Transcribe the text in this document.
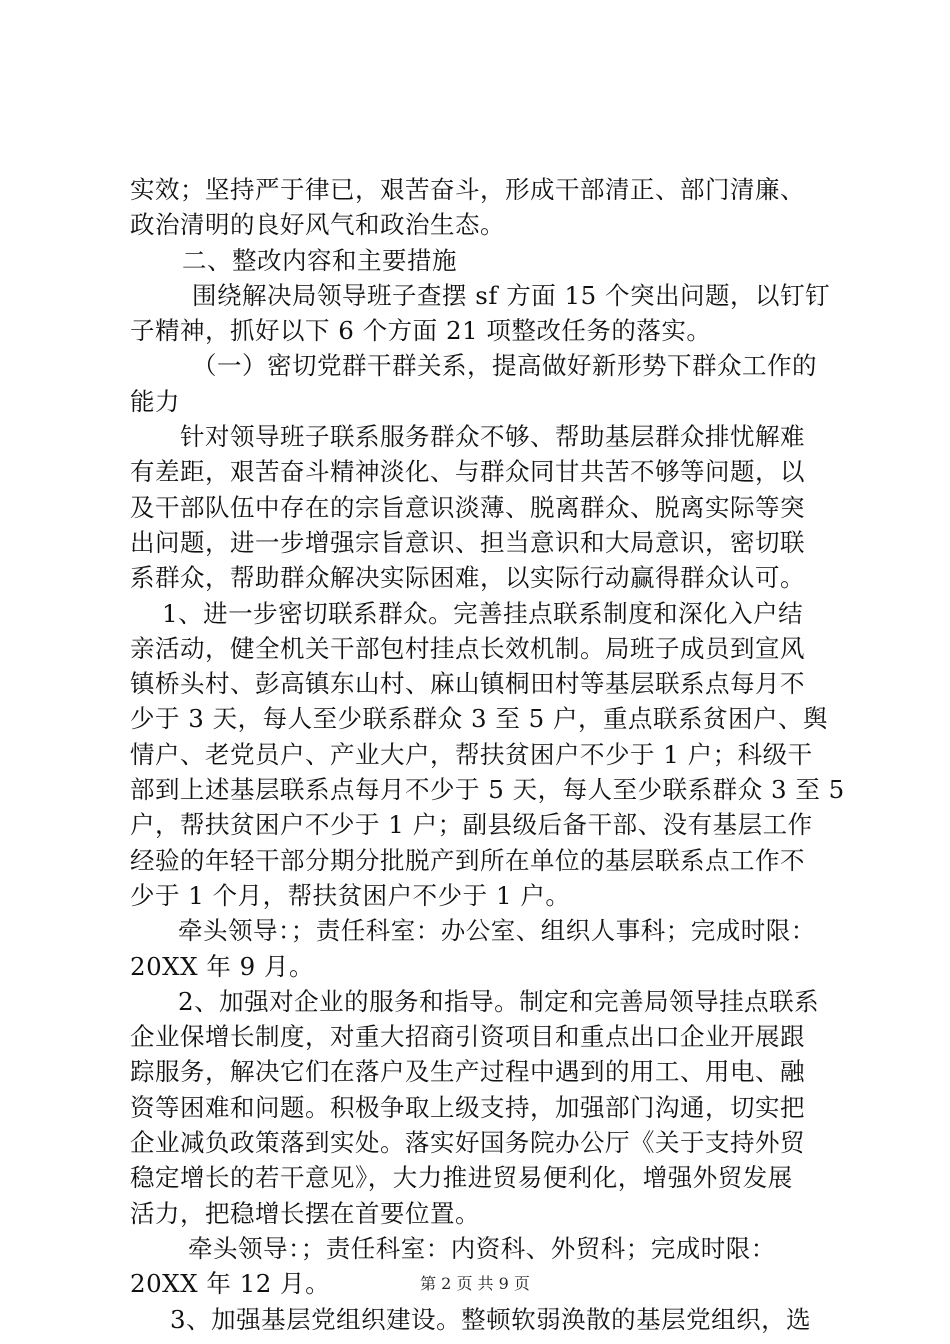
实效；坚持严于律已，艰苦奋斗，形成干部清正、部门清廉、
政治清明的良好风气和政治生态。
二、整改内容和主要措施
围绕解决局领导班子查摆 sf 方面 15 个突出问题，以钉钉
子精神，抓好以下 6 个方面 21 项整改任务的落实。
（一）密切党群干群关系，提高做好新形势下群众工作的
能力
针对领导班子联系服务群众不够、帮助基层群众排忧解难
有差距，艰苦奋斗精神淡化、与群众同甘共苦不够等问题，以
及干部队伍中存在的宗旨意识淡薄、脱离群众、脱离实际等突
出问题，进一步增强宗旨意识、担当意识和大局意识，密切联
系群众，帮助群众解决实际困难，以实际行动赢得群众认可。
1、进一步密切联系群众。完善挂点联系制度和深化入户结
亲活动，健全机关干部包村挂点长效机制。局班子成员到宣风
镇桥头村、彭高镇东山村、麻山镇桐田村等基层联系点每月不
少于 3 天，每人至少联系群众 3 至 5 户，重点联系贫困户、舆
情户、老党员户、产业大户，帮扶贫困户不少于 1 户；科级干
部到上述基层联系点每月不少于 5 天，每人至少联系群众 3 至 5
户，帮扶贫困户不少于 1 户；副县级后备干部、没有基层工作
经验的年轻干部分期分批脱产到所在单位的基层联系点工作不
少于 1 个月，帮扶贫困户不少于 1 户。
牵头领导：；责任科室：办公室、组织人事科；完成时限：
20XX 年 9 月。
2、加强对企业的服务和指导。制定和完善局领导挂点联系
企业保增长制度，对重大招商引资项目和重点出口企业开展跟
踪服务，解决它们在落户及生产过程中遇到的用工、用电、融
资等困难和问题。积极争取上级支持，加强部门沟通，切实把
企业减负政策落到实处。落实好国务院办公厅《关于支持外贸
稳定增长的若干意见》，大力推进贸易便利化，增强外贸发展
活力，把稳增长摆在首要位置。
牵头领导：；责任科室：内资科、外贸科；完成时限：
20XX 年 12 月。
3、加强基层党组织建设。整顿软弱涣散的基层党组织，选
第 2 页 共 9 页
